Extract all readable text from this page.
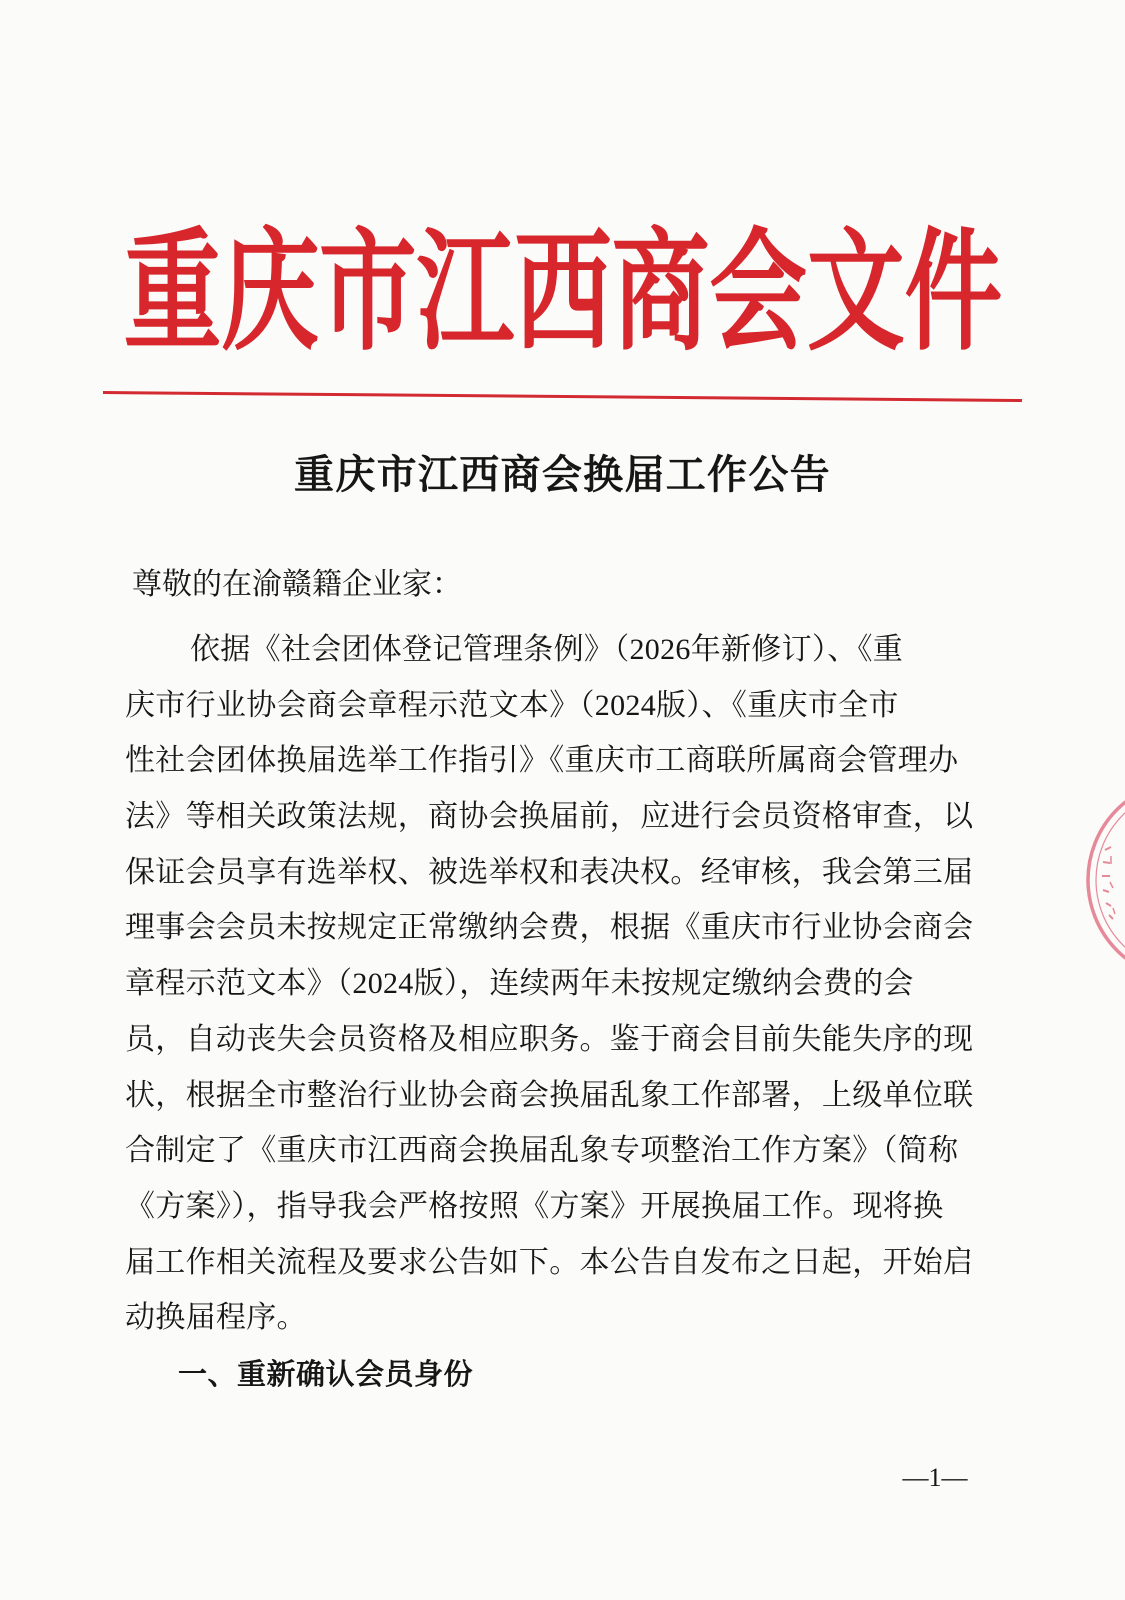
重庆市江西商会文件
重庆市江西商会换届工作公告
尊敬的在渝赣籍企业家：
依据《社会团体登记管理条例》（2026年新修订）、《重
庆市行业协会商会章程示范文本》（2024版）、《重庆市全市
性社会团体换届选举工作指引》《重庆市工商联所属商会管理办
法》等相关政策法规，商协会换届前，应进行会员资格审查，以
保证会员享有选举权、被选举权和表决权。经审核，我会第三届
理事会会员未按规定正常缴纳会费，根据《重庆市行业协会商会
章程示范文本》（2024版），连续两年未按规定缴纳会费的会
员，自动丧失会员资格及相应职务。鉴于商会目前失能失序的现
状，根据全市整治行业协会商会换届乱象工作部署，上级单位联
合制定了《重庆市江西商会换届乱象专项整治工作方案》（简称
《方案》），指导我会严格按照《方案》开展换届工作。现将换
届工作相关流程及要求公告如下。本公告自发布之日起，开始启
动换届程序。
一、重新确认会员身份
—1—
